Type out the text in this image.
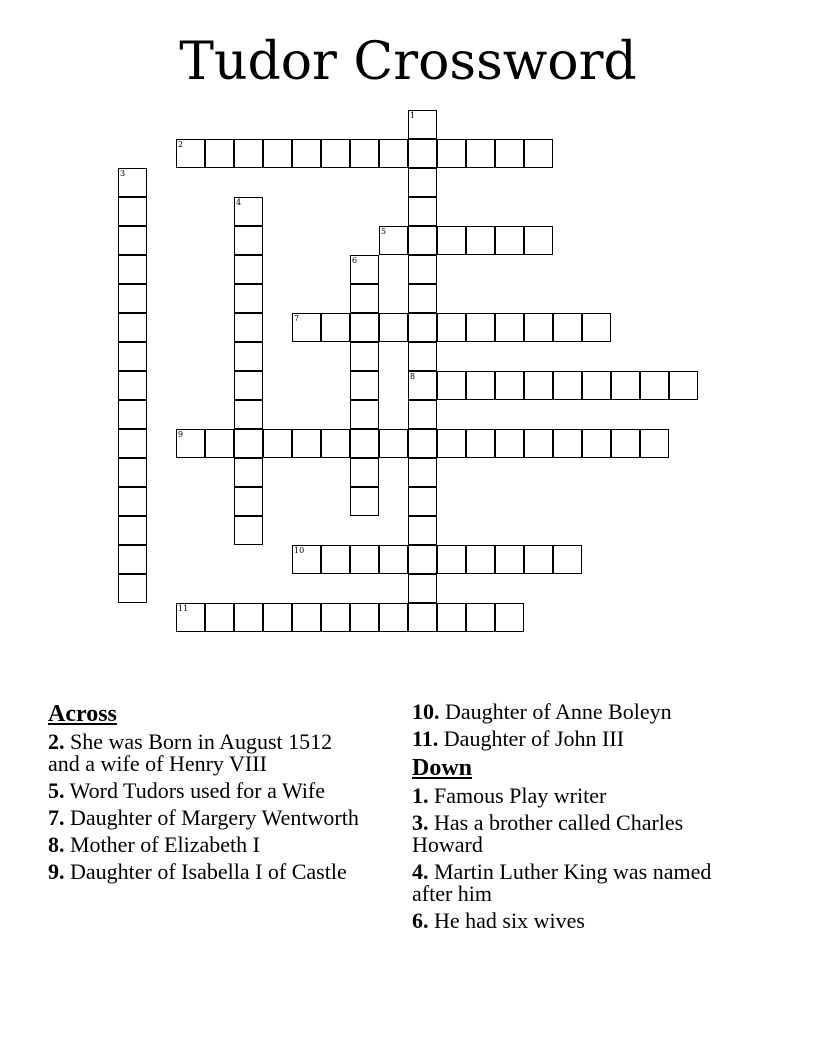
Tudor Crossword
1
8
2
3
4
5
6
7
9
10
11
Across
2. She was Born in August 1512 and a wife of Henry VIII
5. Word Tudors used for a Wife
7. Daughter of Margery Wentworth
8. Mother of Elizabeth I
9. Daughter of Isabella I of Castle
10. Daughter of Anne Boleyn
11. Daughter of John III
Down
1. Famous Play writer
3. Has a brother called Charles Howard
4. Martin Luther King was named after him
6. He had six wives
